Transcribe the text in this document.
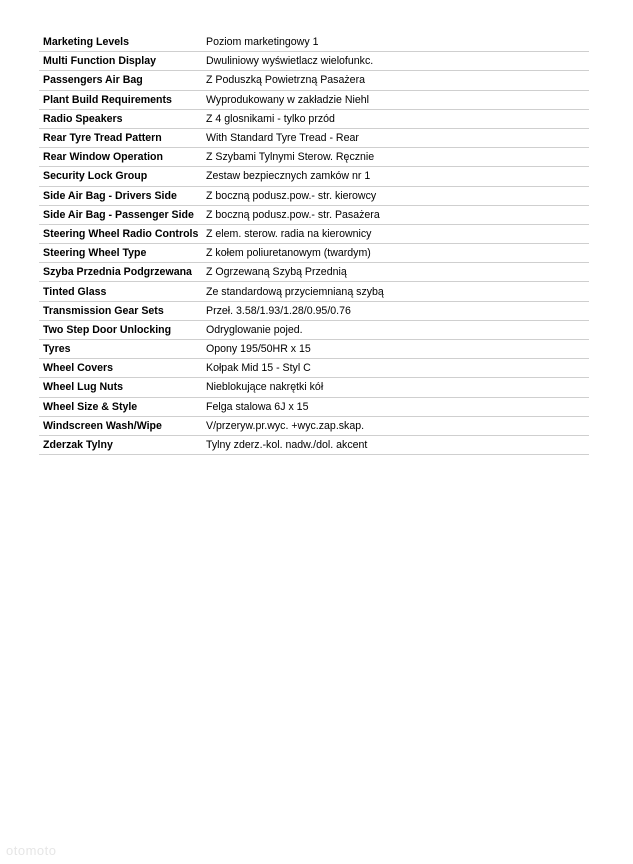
Marketing Levels	Poziom marketingowy 1
Multi Function Display	Dwuliniowy wyświetlacz wielofunkc.
Passengers Air Bag	Z Poduszką Powietrzną Pasażera
Plant Build Requirements	Wyprodukowany w zakładzie Niehl
Radio Speakers	Z 4 glosnikami - tylko przód
Rear Tyre Tread Pattern	With Standard Tyre Tread - Rear
Rear Window Operation	Z Szybami Tylnymi Sterow. Ręcznie
Security Lock Group	Zestaw bezpiecznych zamków nr 1
Side Air Bag - Drivers Side	Z boczną podusz.pow.- str. kierowcy
Side Air Bag - Passenger Side	Z boczną podusz.pow.- str. Pasażera
Steering Wheel Radio Controls	Z elem. sterow. radia na kierownicy
Steering Wheel Type	Z kołem poliuretanowym (twardym)
Szyba Przednia Podgrzewana	Z Ogrzewaną Szybą Przednią
Tinted Glass	Ze standardową przyciemnianą szybą
Transmission Gear Sets	Przeł. 3.58/1.93/1.28/0.95/0.76
Two Step Door Unlocking	Odryglowanie pojed.
Tyres	Opony 195/50HR x 15
Wheel Covers	Kołpak Mid 15 - Styl C
Wheel Lug Nuts	Nieblokujące nakrętki kół
Wheel Size & Style	Felga stalowa 6J x 15
Windscreen Wash/Wipe	V/przeryw.pr.wyc. +wyc.zap.skap.
Zderzak Tylny	Tylny zderz.-kol. nadw./dol. akcent
otomoto
